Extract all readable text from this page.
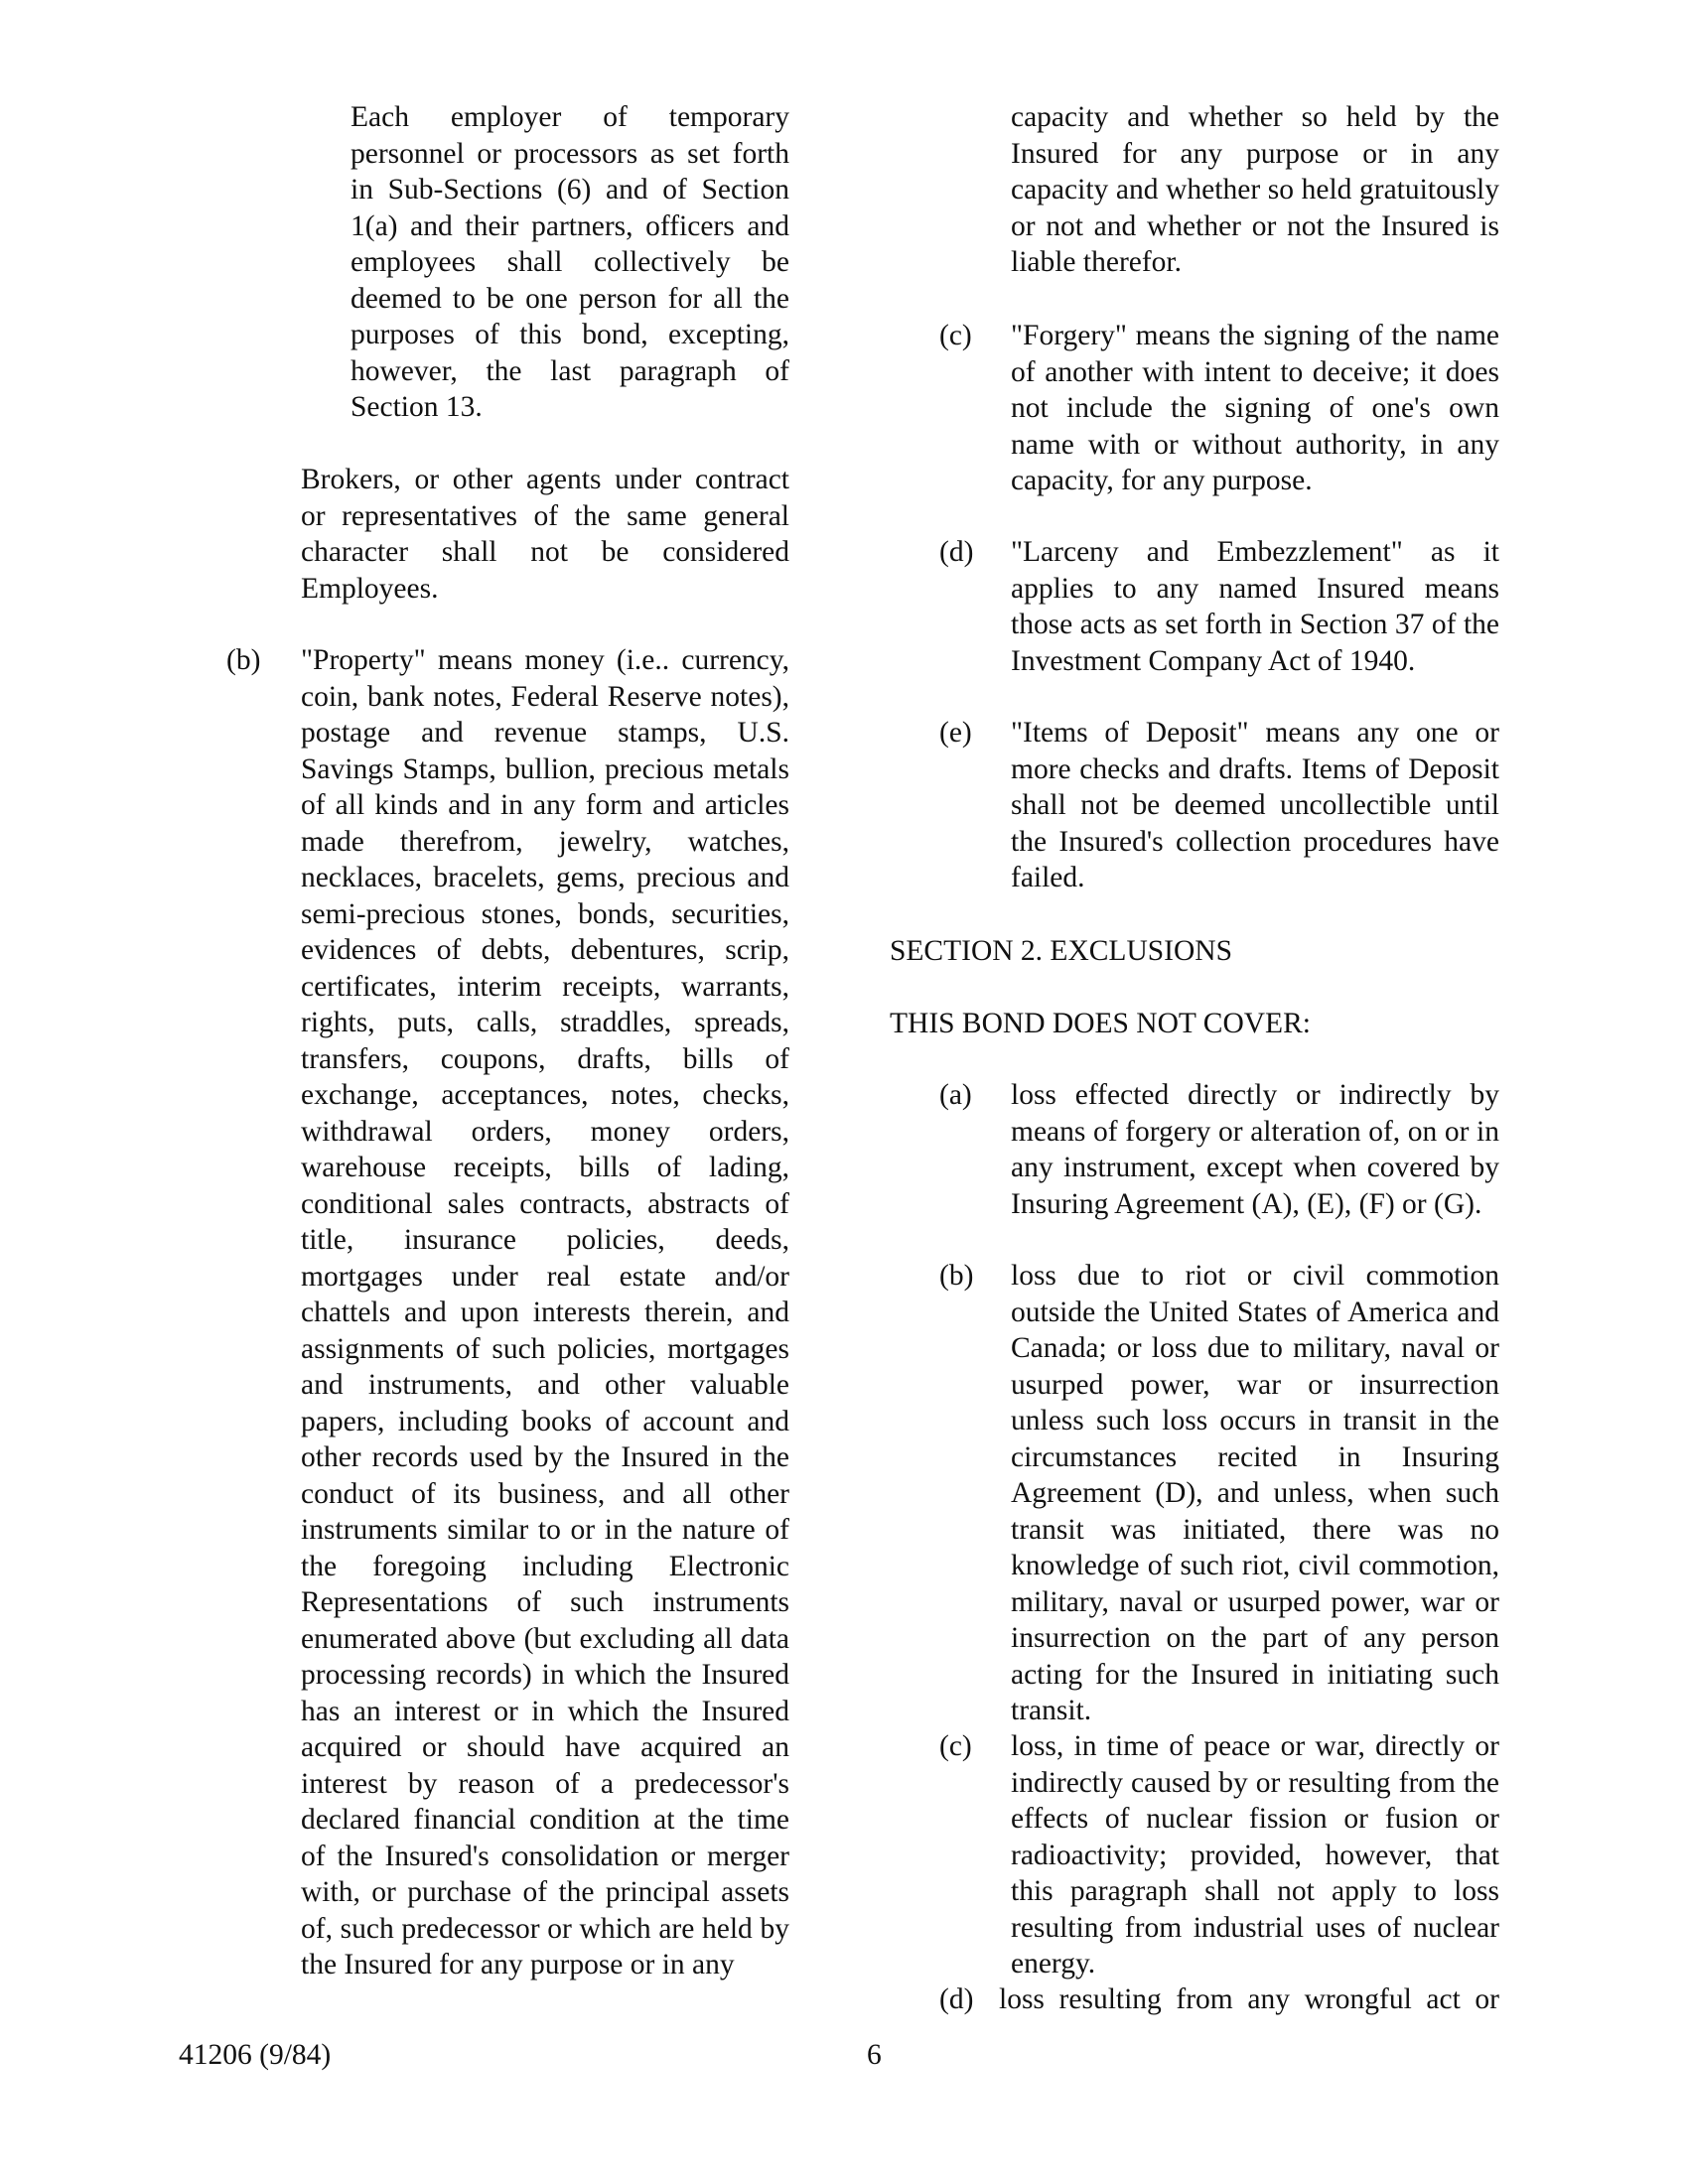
Each employer of temporary personnel or processors as set forth in Sub-Sections (6) and of Section 1(a) and their partners, officers and employees shall collectively be deemed to be one person for all the purposes of this bond, excepting, however, the last paragraph of Section 13.

Brokers, or other agents under contract or representatives of the same general character shall not be considered Employees.

(b) "Property" means money (i.e.. currency, coin, bank notes, Federal Reserve notes), postage and revenue stamps, U.S. Savings Stamps, bullion, precious metals of all kinds and in any form and articles made therefrom, jewelry, watches, necklaces, bracelets, gems, precious and semi-precious stones, bonds, securities, evidences of debts, debentures, scrip, certificates, interim receipts, warrants, rights, puts, calls, straddles, spreads, transfers, coupons, drafts, bills of exchange, acceptances, notes, checks, withdrawal orders, money orders, warehouse receipts, bills of lading, conditional sales contracts, abstracts of title, insurance policies, deeds, mortgages under real estate and/or chattels and upon interests therein, and assignments of such policies, mortgages and instruments, and other valuable papers, including books of account and other records used by the Insured in the conduct of its business, and all other instruments similar to or in the nature of the foregoing including Electronic Representations of such instruments enumerated above (but excluding all data processing records) in which the Insured has an interest or in which the Insured acquired or should have acquired an interest by reason of a predecessor's declared financial condition at the time of the Insured's consolidation or merger with, or purchase of the principal assets of, such predecessor or which are held by the Insured for any purpose or in any

capacity and whether so held by the Insured for any purpose or in any capacity and whether so held gratuitously or not and whether or not the Insured is liable therefor.

(c) "Forgery" means the signing of the name of another with intent to deceive; it does not include the signing of one's own name with or without authority, in any capacity, for any purpose.

(d) "Larceny and Embezzlement" as it applies to any named Insured means those acts as set forth in Section 37 of the Investment Company Act of 1940.

(e) "Items of Deposit" means any one or more checks and drafts. Items of Deposit shall not be deemed uncollectible until the Insured's collection procedures have failed.

SECTION 2. EXCLUSIONS
THIS BOND DOES NOT COVER:
(a) loss effected directly or indirectly by means of forgery or alteration of, on or in any instrument, except when covered by Insuring Agreement (A), (E), (F) or (G).

(b) loss due to riot or civil commotion outside the United States of America and Canada; or loss due to military, naval or usurped power, war or insurrection unless such loss occurs in transit in the circumstances recited in Insuring Agreement (D), and unless, when such transit was initiated, there was no knowledge of such riot, civil commotion, military, naval or usurped power, war or insurrection on the part of any person acting for the Insured in initiating such transit.

(c) loss, in time of peace or war, directly or indirectly caused by or resulting from the effects of nuclear fission or fusion or radioactivity; provided, however, that this paragraph shall not apply to loss resulting from industrial uses of nuclear energy.

(d) loss resulting from any wrongful act or

41206 (9/84)	6
